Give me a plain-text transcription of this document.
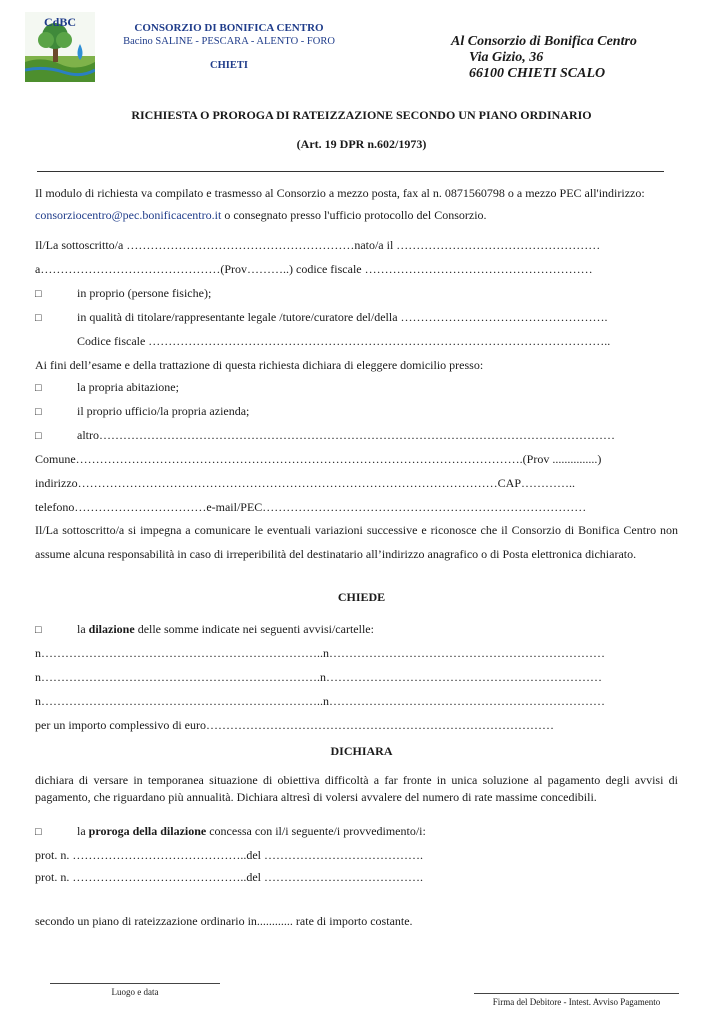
CdBC	CONSORZIO DI BONIFICA CENTRO
Bacino SALINE - PESCARA - ALENTO - FORO
CHIETI
Al Consorzio di Bonifica Centro
Via Gizio, 36
66100 CHIETI SCALO
RICHIESTA O PROROGA DI RATEIZZAZIONE SECONDO UN PIANO ORDINARIO
(Art. 19 DPR n.602/1973)
Il modulo di richiesta va compilato e trasmesso al Consorzio a mezzo posta, fax al n. 0871560798 o a mezzo PEC all'indirizzo:
consorziocentro@pec.bonificacentro.it o consegnato presso l'ufficio protocollo del Consorzio.
Il/La sottoscritto/a …………………………………………………nato/a il ……………………………………………
a………………………………………(Prov………..) codice fiscale …………………………………………………
□	in proprio (persone fisiche);
□	in qualità di titolare/rappresentante legale /tutore/curatore del/della …………………………………………….
Codice fiscale ……………………………………………………………………………………………………..
Ai fini dell’esame e della trattazione di questa richiesta dichiara di eleggere domicilio presso:
□	la propria abitazione;
□	il proprio ufficio/la propria azienda;
□	altro…………………………………………………………………………………………………………………
Comune………………………………………………………………………………………………….(Prov ...............)
indirizzo……………………………………………………………………………………………CAP…………..
telefono……………………………e-mail/PEC………………………………………………………………………
Il/La sottoscritto/a si impegna a comunicare le eventuali variazioni successive e riconosce che il Consorzio di Bonifica Centro non assume alcuna responsabilità in caso di irreperibilità del destinatario all’indirizzo anagrafico o di Posta elettronica dichiarato.
CHIEDE
□	la dilazione delle somme indicate nei seguenti avvisi/cartelle:
n……………………………………………………………..n……………………………………………………………
n…………………………………………………………….n……………………………………………………………
n……………………………………………………………..n……………………………………………………………
per un importo complessivo di euro……………………………………………………………………………
DICHIARA
dichiara di versare in temporanea situazione di obiettiva difficoltà a far fronte in unica soluzione al pagamento degli avvisi di pagamento, che riguardano più annualità. Dichiara altresì di volersi avvalere del numero di rate massime concedibili.
□	la proroga della dilazione concessa con il/i seguente/i provvedimento/i:
prot. n. ……………………………………..del ………………………………….
prot. n. ……………………………………..del ………………………………….
secondo un piano di rateizzazione ordinario in............ rate di importo costante.
Luogo e data
Firma del Debitore - Intest. Avviso Pagamento
